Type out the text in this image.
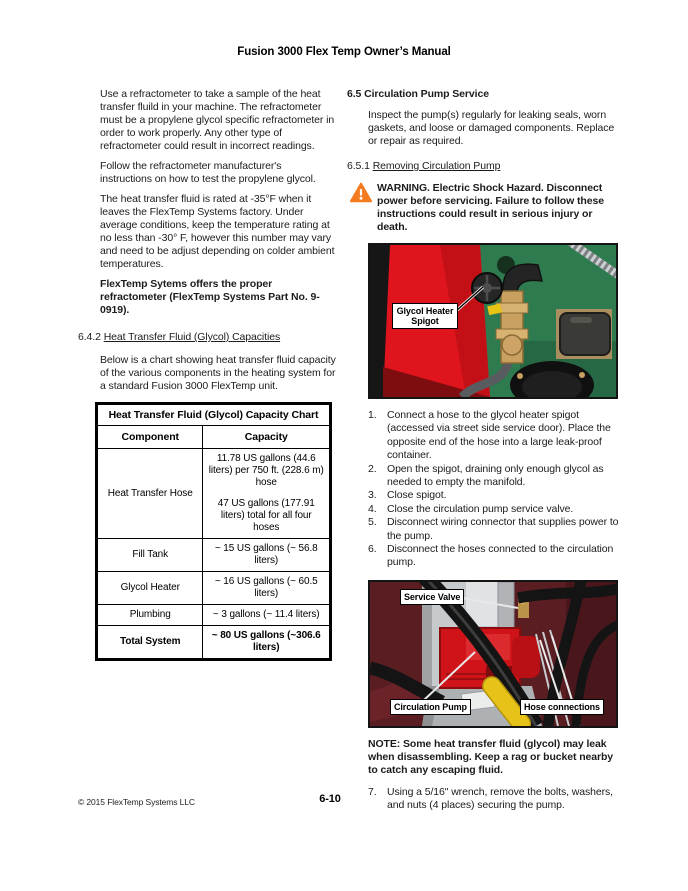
Fusion 3000 Flex Temp Owner’s Manual

Use a refractometer to take a sample of the heat transfer fluild in your machine. The refractometer must be a propylene glycol specific refractometer in order to work properly. Any other type of refractometer could result in incorrect readings.

Follow the refractometer manufacturer's instructions on how to test the propylene glycol.

The heat transfer fluid is rated at -35°F when it leaves the FlexTemp Systems factory. Under average conditions, keep the temperature rating at no less than -30° F, however this number may vary and need to be adjust depending on colder ambient temperatures.

FlexTemp Sytems offers the proper refractometer (FlexTemp Systems Part No. 9-0919).

6.4.2 Heat Transfer Fluid (Glycol) Capacities

Below is a chart showing heat transfer fluid capacity of the various components in the heating system for a standard Fusion 3000 FlexTemp unit.

Heat Transfer Fluid (Glycol) Capacity Chart	
Component	Capacity
Heat Transfer Hose	11.78 US gallons (44.6 liters) per 750 ft. (228.6 m) hose
47 US gallons (177.91 liters) total for all four hoses

Fill Tank	~ 15 US gallons (~ 56.8 liters)
Glycol Heater	~ 16 US gallons (~ 60.5 liters)
Plumbing	~ 3 gallons (~ 11.4 liters)
Total System	~ 80 US gallons (~306.6 liters)
6.5 Circulation Pump Service

Inspect the pump(s) regularly for leaking seals, worn gaskets, and loose or damaged components. Replace or repair as required.

6.5.1 Removing Circulation Pump
WARNING. Electric Shock Hazard. Disconnect power before servicing. Failure to follow these instructions could result in serious injury or death.
Glycol Heater Spigot
1. Connect a hose to the glycol heater spigot (accessed via street side service door). Place the opposite end of the hose into a large leak-proof container.
2. Open the spigot, draining only enough glycol as needed to empty the manifold.
3. Close spigot.
4. Close the circulation pump service valve.
5. Disconnect wiring connector that supplies power to the pump.
6. Disconnect the hoses connected to the circulation pump.
Service Valve
Circulation Pump	Hose connections

NOTE: Some heat transfer fluid (glycol) may leak when disassembling. Keep a rag or bucket nearby to catch any escaping fluid.

7. Using a 5/16" wrench, remove the bolts, washers, and nuts (4 places) securing the pump.
© 2015 FlexTemp Systems LLC	6-10
